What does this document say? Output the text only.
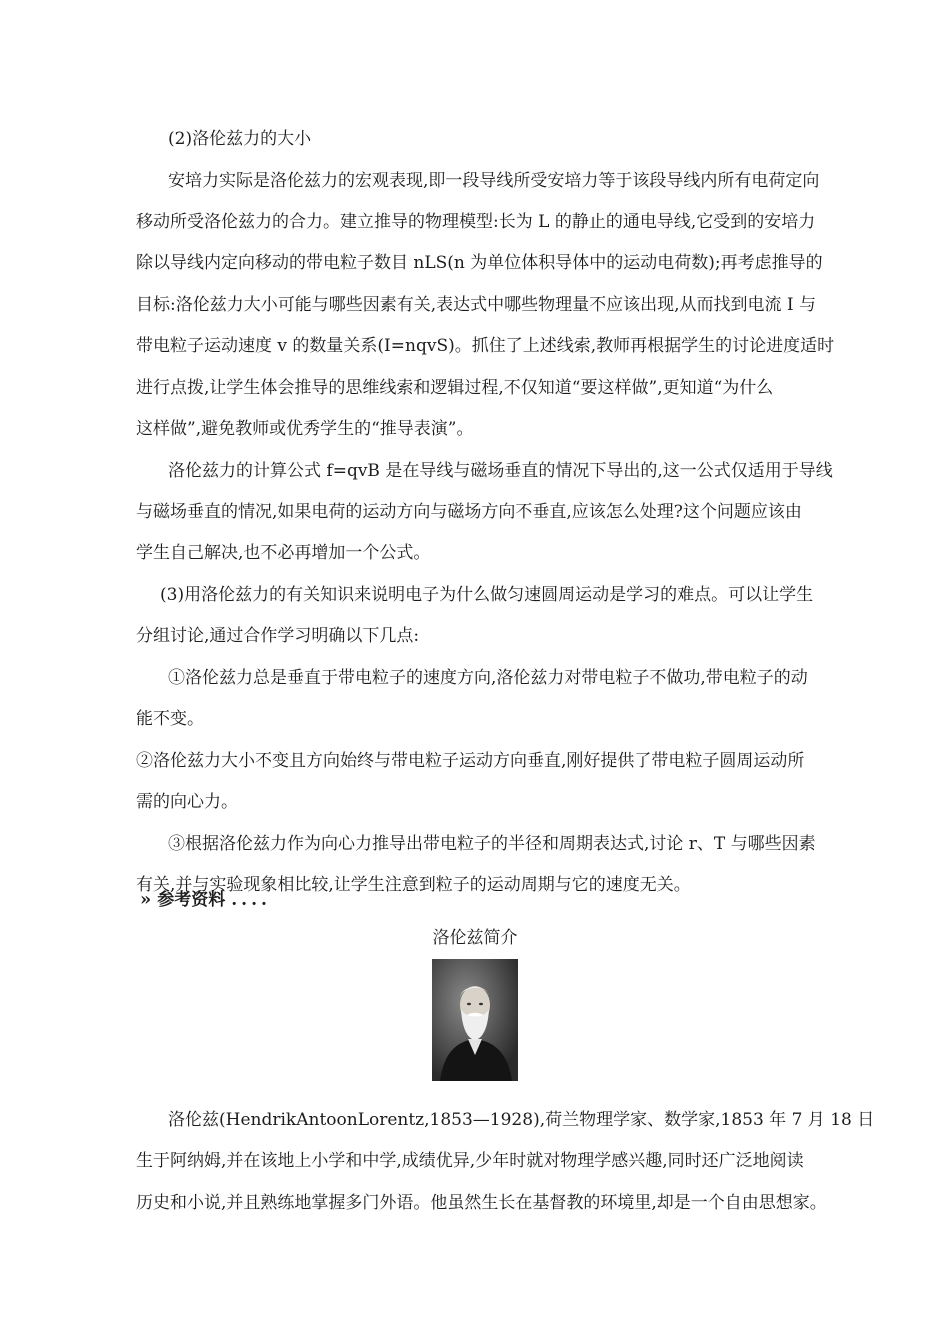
(2)洛伦兹力的大小
安培力实际是洛伦兹力的宏观表现,即一段导线所受安培力等于该段导线内所有电荷定向
移动所受洛伦兹力的合力。建立推导的物理模型:长为 L 的静止的通电导线,它受到的安培力
除以导线内定向移动的带电粒子数目 nLS(n 为单位体积导体中的运动电荷数);再考虑推导的
目标:洛伦兹力大小可能与哪些因素有关,表达式中哪些物理量不应该出现,从而找到电流 I 与
带电粒子运动速度 v 的数量关系(I=nqvS)。抓住了上述线索,教师再根据学生的讨论进度适时
进行点拨,让学生体会推导的思维线索和逻辑过程,不仅知道“要这样做”,更知道“为什么
这样做”,避免教师或优秀学生的“推导表演”。
洛伦兹力的计算公式 f=qvB 是在导线与磁场垂直的情况下导出的,这一公式仅适用于导线
与磁场垂直的情况,如果电荷的运动方向与磁场方向不垂直,应该怎么处理?这个问题应该由
学生自己解决,也不必再增加一个公式。
(3)用洛伦兹力的有关知识来说明电子为什么做匀速圆周运动是学习的难点。可以让学生
分组讨论,通过合作学习明确以下几点:
①洛伦兹力总是垂直于带电粒子的速度方向,洛伦兹力对带电粒子不做功,带电粒子的动
能不变。
②洛伦兹力大小不变且方向始终与带电粒子运动方向垂直,刚好提供了带电粒子圆周运动所
需的向心力。
③根据洛伦兹力作为向心力推导出带电粒子的半径和周期表达式,讨论 r、T 与哪些因素
有关,并与实验现象相比较,让学生注意到粒子的运动周期与它的速度无关。
» 参考资料 ....
洛伦兹简介
洛伦兹(HendrikAntoonLorentz,1853—1928),荷兰物理学家、数学家,1853 年 7 月 18 日
生于阿纳姆,并在该地上小学和中学,成绩优异,少年时就对物理学感兴趣,同时还广泛地阅读
历史和小说,并且熟练地掌握多门外语。他虽然生长在基督教的环境里,却是一个自由思想家。
